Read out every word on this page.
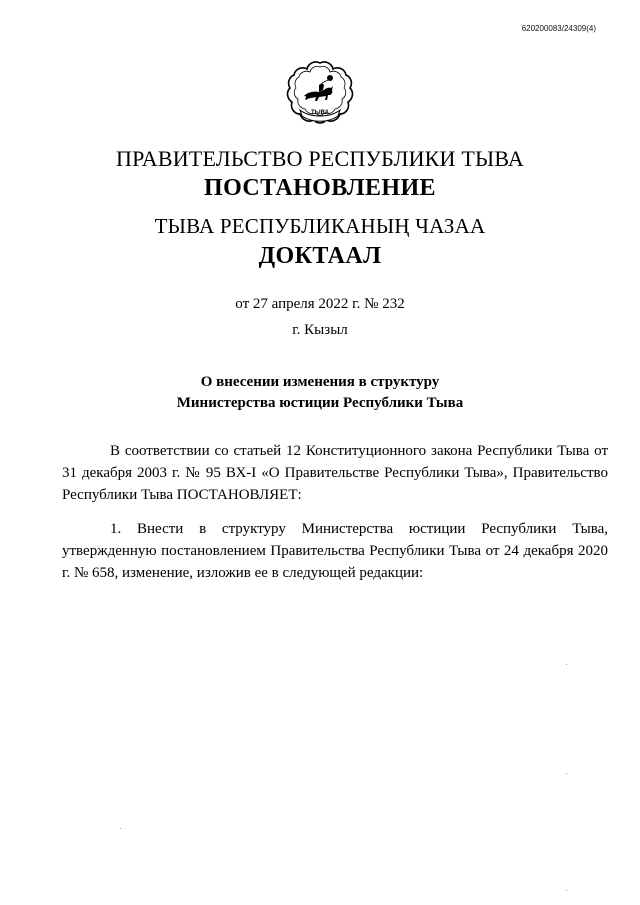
620200083/24309(4)
ТЫВА
ПРАВИТЕЛЬСТВО РЕСПУБЛИКИ ТЫВА
ПОСТАНОВЛЕНИЕ
ТЫВА РЕСПУБЛИКАНЫҢ ЧАЗАА
ДОКТААЛ
от 27 апреля 2022 г. № 232
г. Кызыл
О внесении изменения в структуру
Министерства юстиции Республики Тыва
В соответствии со статьей 12 Конституционного закона Республики Тыва от 31 декабря 2003 г. № 95 ВХ-I «О Правительстве Республики Тыва», Правительство Республики Тыва ПОСТАНОВЛЯЕТ:
1. Внести в структуру Министерства юстиции Республики Тыва, утвержденную постановлением Правительства Республики Тыва от 24 декабря 2020 г. № 658, изменение, изложив ее в следующей редакции:
